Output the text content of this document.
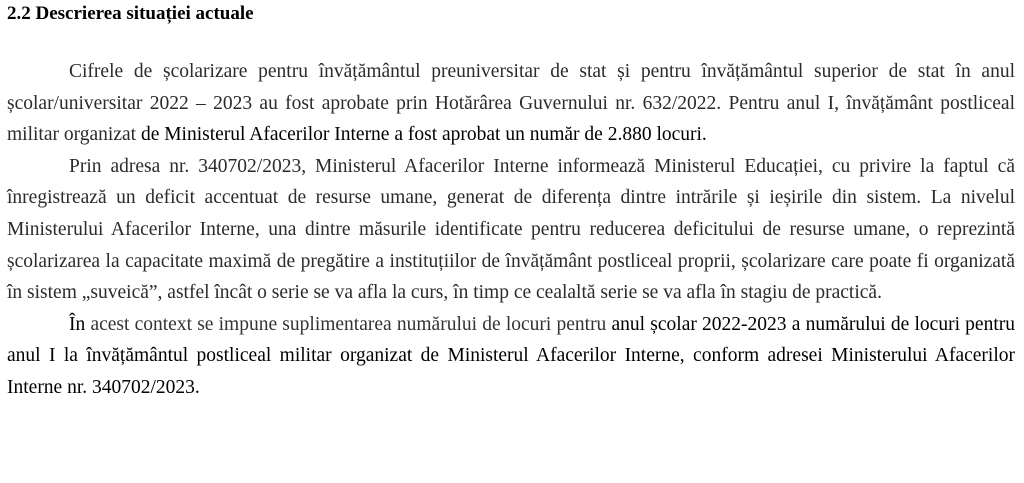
2.2 Descrierea situației actuale

Cifrele de școlarizare pentru învățământul preuniversitar de stat și pentru învățământul superior de stat în anul școlar/universitar 2022 – 2023 au fost aprobate prin Hotărârea Guvernului nr. 632/2022. Pentru anul I, învățământ postliceal militar organizat de Ministerul Afacerilor Interne a fost aprobat un număr de 2.880 locuri.

Prin adresa nr. 340702/2023, Ministerul Afacerilor Interne informează Ministerul Educației, cu privire la faptul că înregistrează un deficit accentuat de resurse umane, generat de diferența dintre intrările și ieșirile din sistem. La nivelul Ministerului Afacerilor Interne, una dintre măsurile identificate pentru reducerea deficitului de resurse umane, o reprezintă școlarizarea la capacitate maximă de pregătire a instituțiilor de învățământ postliceal proprii, școlarizare care poate fi organizată în sistem „suveică”, astfel încât o serie se va afla la curs, în timp ce cealaltă serie se va afla în stagiu de practică.

În acest context se impune suplimentarea numărului de locuri pentru anul școlar 2022-2023 a numărului de locuri pentru anul I la învățământul postliceal militar organizat de Ministerul Afacerilor Interne, conform adresei Ministerului Afacerilor Interne nr. 340702/2023.
